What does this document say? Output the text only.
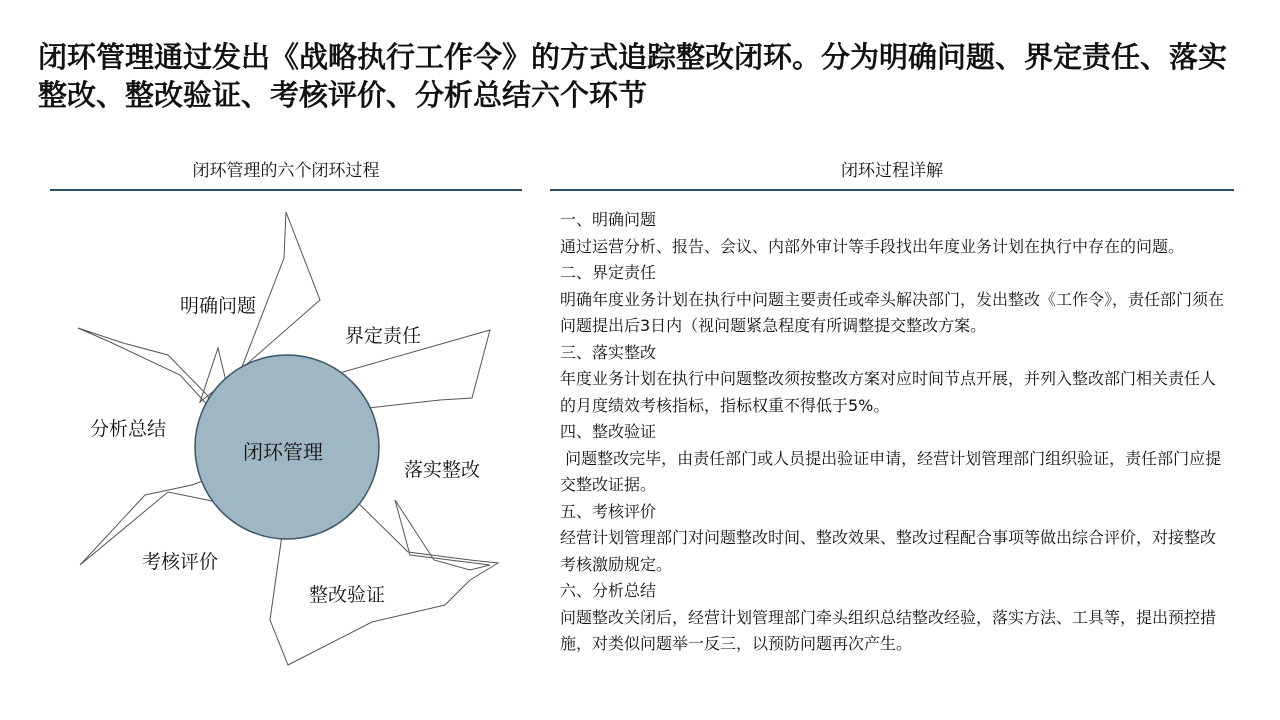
闭环管理通过发出《战略执行工作令》的方式追踪整改闭环。分为明确问题、界定责任、落实整改、整改验证、考核评价、分析总结六个环节
闭环管理的六个闭环过程	闭环过程详解
闭环管理
明确问题
界定责任
落实整改
整改验证
考核评价
分析总结

一、明确问题

通过运营分析、报告、会议、内部外审计等手段找出年度业务计划在执行中存在的问题。

二、界定责任

明确年度业务计划在执行中问题主要责任或牵头解决部门，发出整改《工作令》，责任部门须在问题提出后3日内（视问题紧急程度有所调整提交整改方案。

三、落实整改

年度业务计划在执行中问题整改须按整改方案对应时间节点开展，并列入整改部门相关责任人的月度绩效考核指标，指标权重不得低于5%。

四、整改验证

问题整改完毕，由责任部门或人员提出验证申请，经营计划管理部门组织验证，责任部门应提交整改证据。

五、考核评价

经营计划管理部门对问题整改时间、整改效果、整改过程配合事项等做出综合评价，对接整改考核激励规定。

六、分析总结

问题整改关闭后，经营计划管理部门牵头组织总结整改经验，落实方法、工具等，提出预控措施，对类似问题举一反三，以预防问题再次产生。
